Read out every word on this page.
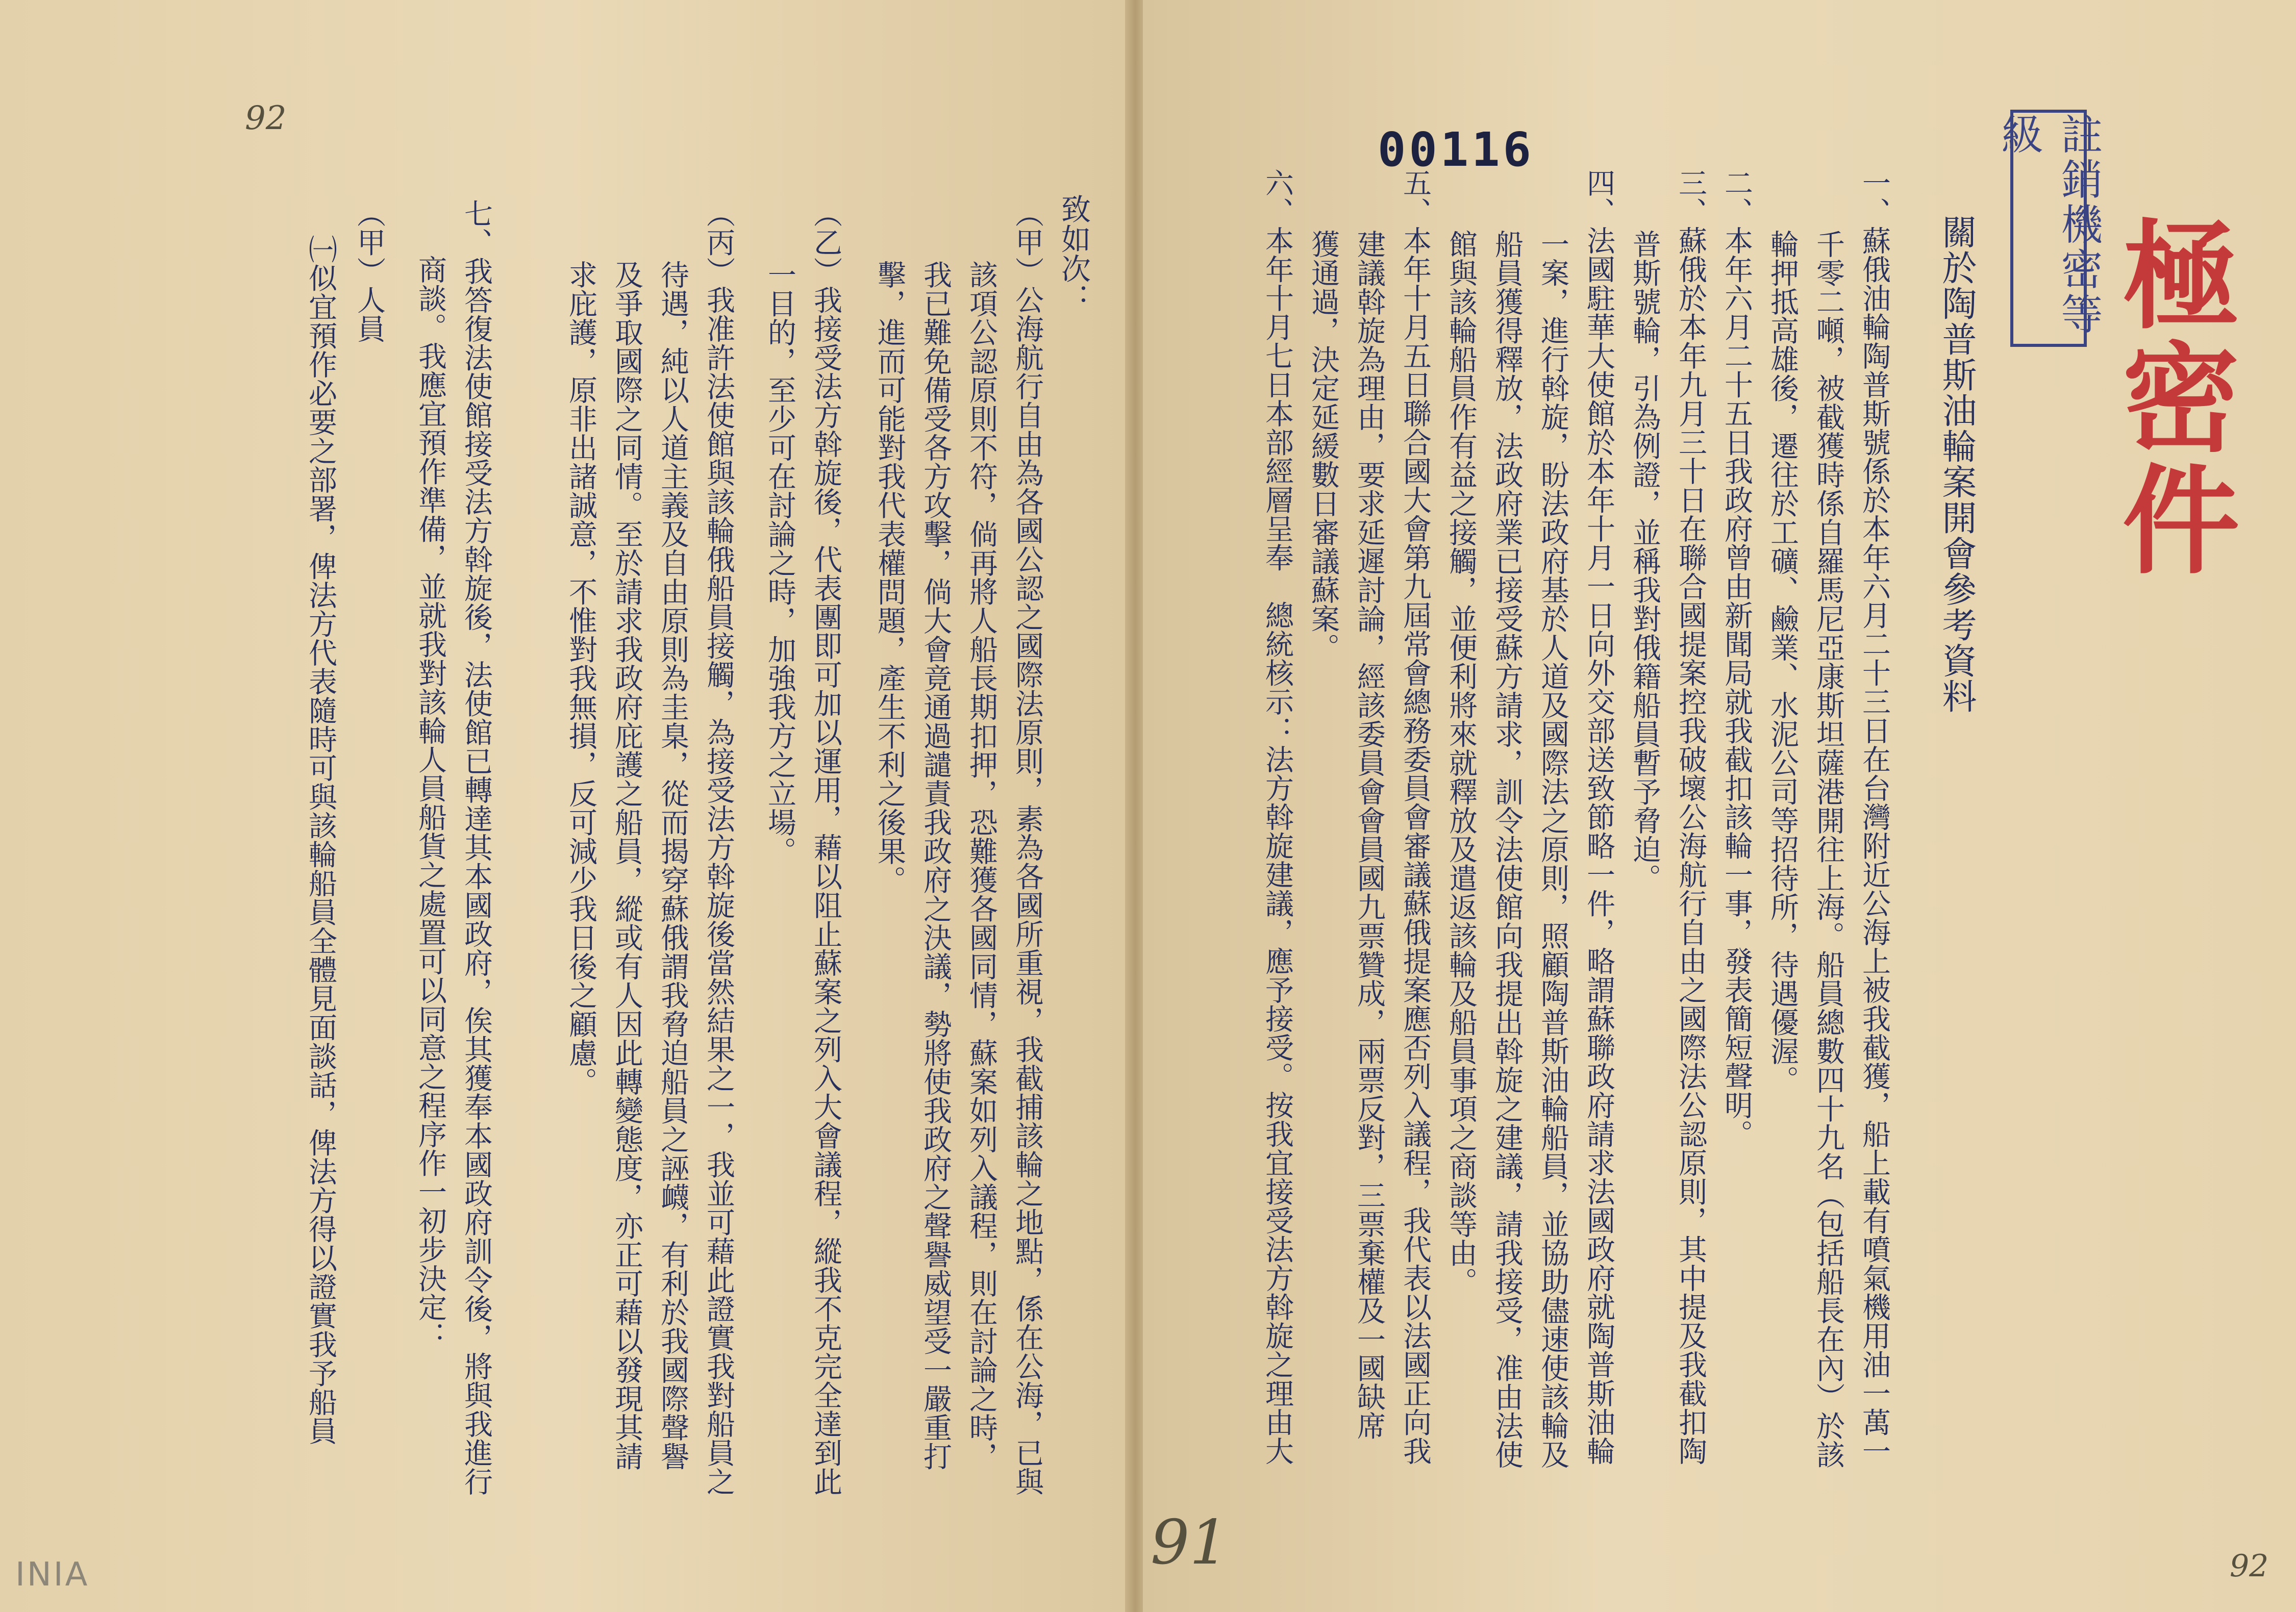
92
91	92
00116	註銷機密等級
極密件
關於陶普斯油輪案開會參考資料
一、蘇俄油輪陶普斯號係於本年六月二十三日在台灣附近公海上被我截獲，船上載有噴氣機用油一萬一
千零二噸，被截獲時係自羅馬尼亞康斯坦薩港開往上海。船員總數四十九名（包括船長在內）於該
輪押抵高雄後，遷往於工礦、鹼業、水泥公司等招待所，待遇優渥。
二、本年六月二十五日我政府曾由新聞局就我截扣該輪一事，發表簡短聲明。
三、蘇俄於本年九月三十日在聯合國提案控我破壞公海航行自由之國際法公認原則，其中提及我截扣陶
普斯號輪，引為例證，並稱我對俄籍船員暫予脅迫。
四、法國駐華大使館於本年十月一日向外交部送致節略一件，略謂蘇聯政府請求法國政府就陶普斯油輪
一案，進行斡旋，盼法政府基於人道及國際法之原則，照顧陶普斯油輪船員，並協助儘速使該輪及
船員獲得釋放，法政府業已接受蘇方請求，訓令法使館向我提出斡旋之建議，請我接受，准由法使
館與該輪船員作有益之接觸，並便利將來就釋放及遣返該輪及船員事項之商談等由。
五、本年十月五日聯合國大會第九屆常會總務委員會審議蘇俄提案應否列入議程，我代表以法國正向我
建議斡旋為理由，要求延遲討論，經該委員會會員國九票贊成，兩票反對，三票棄權及一國缺席
獲通過，決定延緩數日審議蘇案。
六、本年十月七日本部經層呈奉　總統核示：法方斡旋建議，應予接受。按我宜接受法方斡旋之理由大
致如次：
（甲）公海航行自由為各國公認之國際法原則，素為各國所重視，我截捕該輪之地點，係在公海，已與
該項公認原則不符，倘再將人船長期扣押，恐難獲各國同情，蘇案如列入議程，則在討論之時，
我已難免備受各方攻擊，倘大會竟通過譴責我政府之決議，勢將使我政府之聲譽威望受一嚴重打
擊，進而可能對我代表權問題，產生不利之後果。
（乙）我接受法方斡旋後，代表團即可加以運用，藉以阻止蘇案之列入大會議程，縱我不克完全達到此
一目的，至少可在討論之時，加強我方之立場。
（丙）我准許法使館與該輪俄船員接觸，為接受法方斡旋後當然結果之一，我並可藉此證實我對船員之
待遇，純以人道主義及自由原則為圭臬，從而揭穿蘇俄謂我脅迫船員之誣衊，有利於我國際聲譽
及爭取國際之同情。至於請求我政府庇護之船員，縱或有人因此轉變態度，亦正可藉以發現其請
求庇護，原非出諸誠意，不惟對我無損，反可減少我日後之顧慮。
七、我答復法使館接受法方斡旋後，法使館已轉達其本國政府，俟其獲奉本國政府訓令後，將與我進行
商談。我應宜預作準備，並就我對該輪人員船貨之處置可以同意之程序作一初步決定：
（甲）人員
㈠似宜預作必要之部署，俾法方代表隨時可與該輪船員全體見面談話，俾法方得以證實我予船員
INIA
